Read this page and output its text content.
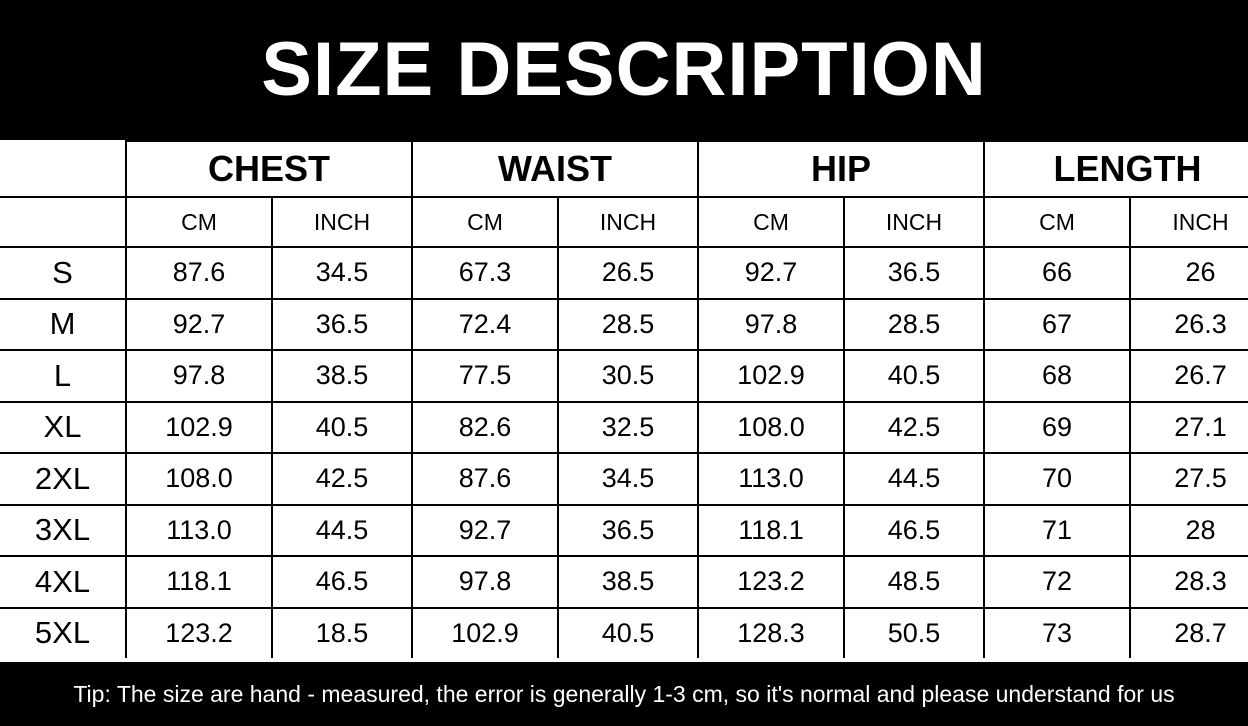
SIZE DESCRIPTION
	CHEST		WAIST		HIP		LENGTH	
	CM	INCH	CM	INCH	CM	INCH	CM	INCH
S	87.6	34.5	67.3	26.5	92.7	36.5	66	26
M	92.7	36.5	72.4	28.5	97.8	28.5	67	26.3
L	97.8	38.5	77.5	30.5	102.9	40.5	68	26.7
XL	102.9	40.5	82.6	32.5	108.0	42.5	69	27.1
2XL	108.0	42.5	87.6	34.5	113.0	44.5	70	27.5
3XL	113.0	44.5	92.7	36.5	118.1	46.5	71	28
4XL	118.1	46.5	97.8	38.5	123.2	48.5	72	28.3
5XL	123.2	18.5	102.9	40.5	128.3	50.5	73	28.7
Tip: The size are hand - measured, the error is generally 1-3 cm, so it's normal and please understand for us
